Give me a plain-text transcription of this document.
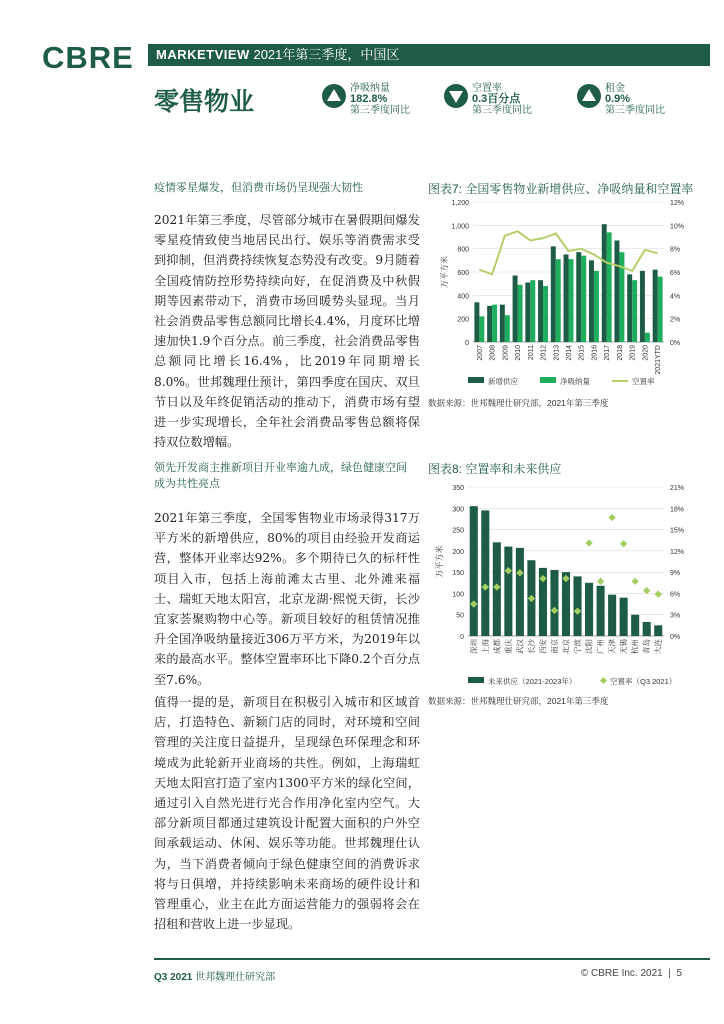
CBRE	MARKETVIEW 2021年第三季度，中国区
零售物业	净吸纳量
182.8%
第三季度同比
空置率
0.3百分点
第三季度同比
租金
0.9%
第三季度同比
疫情零星爆发，但消费市场仍呈现强大韧性
2021年第三季度，尽管部分城市在暑假期间爆发零星疫情致使当地居民出行、娱乐等消费需求受到抑制，但消费持续恢复态势没有改变。9月随着全国疫情防控形势持续向好，在促消费及中秋假期等因素带动下，消费市场回暖势头显现。当月社会消费品零售总额同比增长4.4%，月度环比增速加快1.9个百分点。前三季度，社会消费品零售总额同比增长16.4%，比2019年同期增长8.0%。世邦魏理仕预计，第四季度在国庆、双旦节日以及年终促销活动的推动下，消费市场有望进一步实现增长，全年社会消费品零售总额将保持双位数增幅。
领先开发商主推新项目开业率逾九成，绿色健康空间成为共性亮点
2021年第三季度，全国零售物业市场录得317万平方米的新增供应，80%的项目由经验开发商运营，整体开业率达92%。多个期待已久的标杆性项目入市，包括上海前滩太古里、北外滩来福士、瑞虹天地太阳宫，北京龙湖·熙悦天街，长沙宜家荟聚购物中心等。新项目较好的租赁情况推升全国净吸纳量接近306万平方米，为2019年以来的最高水平。整体空置率环比下降0.2个百分点至7.6%。
值得一提的是，新项目在积极引入城市和区域首店，打造特色、新颖门店的同时，对环境和空间管理的关注度日益提升，呈现绿色环保理念和环境成为此轮新开业商场的共性。例如，上海瑞虹天地太阳宫打造了室内1300平方米的绿化空间，通过引入自然光进行光合作用净化室内空气。大部分新项目都通过建筑设计配置大面积的户外空间承载运动、休闲、娱乐等功能。世邦魏理仕认为，当下消费者倾向于绿色健康空间的消费诉求将与日俱增，并持续影响未来商场的硬件设计和管理重心，业主在此方面运营能力的强弱将会在招租和营收上进一步显现。
图表7: 全国零售物业新增供应、净吸纳量和空置率
0
200
400
600
800
1,000
1,200
0%
2%
4%
6%
8%
10%
12%
万平方米
2007 2008 2009 2010 2011 2012 2013 2014 2015 2016 2017 2018 2019 2020 2021YTD
新增供应	净吸纳量	空置率
数据来源：世邦魏理仕研究部，2021年第三季度
图表8: 空置率和未来供应
0
50
100
150
200
250
300
350
0%
3%
6%
9%
12%
15%
18%
21%
万平方米
深圳 上海 成都 重庆 武汉 长沙 西安 南京 北京 宁波 沈阳 广州 天津 无锡 杭州 青岛 大连
未来供应（2021-2023年）	空置率（Q3 2021）
数据来源：世邦魏理仕研究部，2021年第三季度
Q3 2021 世邦魏理仕研究部	© CBRE Inc. 2021  |  5
